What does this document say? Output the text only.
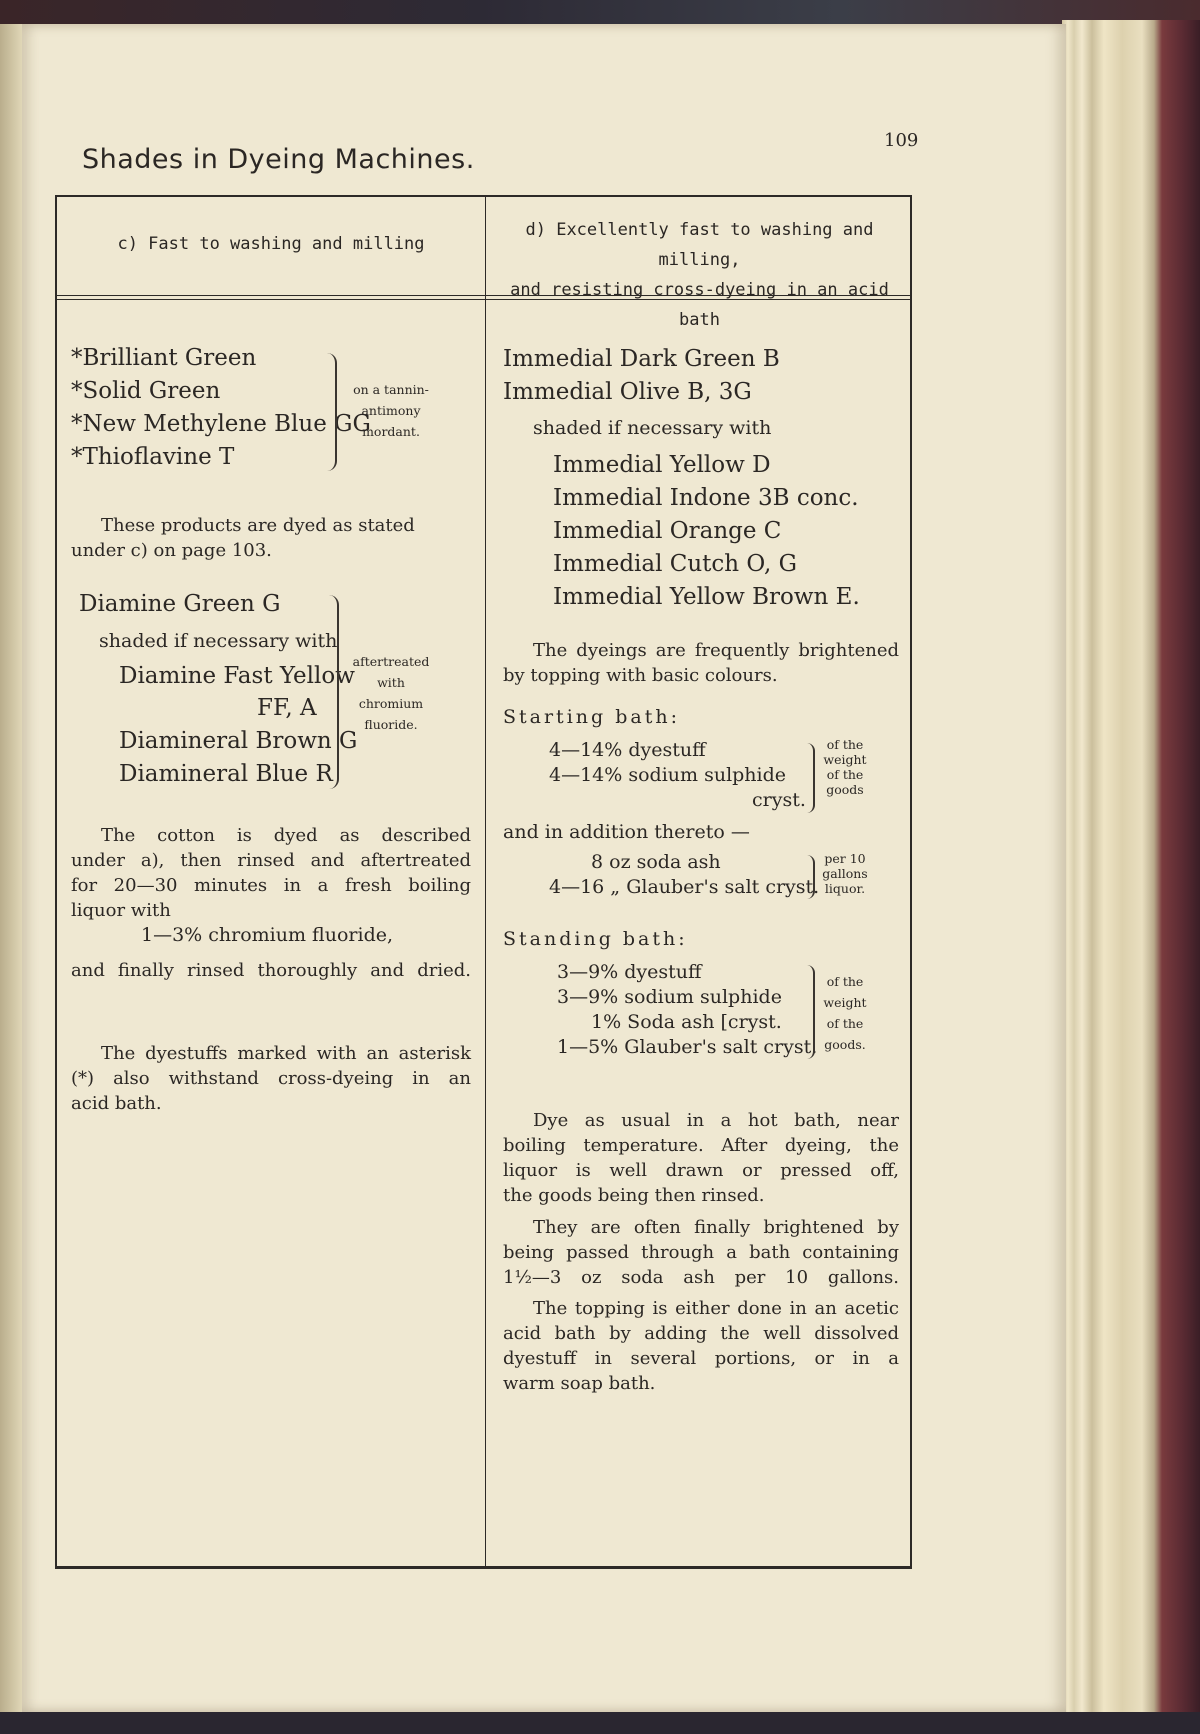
Shades in Dyeing Machines.
109
c) Fast to washing and milling
d) Excellently fast to washing and milling,
and resisting cross-dyeing in an acid bath
*Brilliant Green
*Solid Green
*New Methylene Blue GG
*Thioflavine T
on a tannin-
antimony
mordant.
These products are dyed as stated
under c) on page 103.
Diamine Green G
shaded if necessary with
Diamine Fast Yellow
FF, A
Diamineral Brown G
Diamineral Blue R
aftertreated
with
chromium
fluoride.
The cotton is dyed as described
under a), then rinsed and aftertreated
for 20—30 minutes in a fresh boiling
liquor with
1—3% chromium fluoride,
and finally rinsed thoroughly and dried.
The dyestuffs marked with an asterisk
(*) also withstand cross-dyeing in an
acid bath.
Immedial Dark Green B
Immedial Olive B, 3G
shaded if necessary with
Immedial Yellow D
Immedial Indone 3B conc.
Immedial Orange C
Immedial Cutch O, G
Immedial Yellow Brown E.
The dyeings are frequently brightened
by topping with basic colours.
Starting bath:
4—14% dyestuff
4—14% sodium sulphide
cryst.
of the
weight
of the
goods
and in addition thereto —
8 oz soda ash
4—16 „ Glauber's salt cryst.
per 10
gallons
liquor.
Standing bath:
3—9% dyestuff
3—9% sodium sulphide
1% Soda ash [cryst.
1—5% Glauber's salt cryst.
of the
weight
of the
goods.
Dye as usual in a hot bath, near
boiling temperature. After dyeing, the
liquor is well drawn or pressed off,
the goods being then rinsed.
They are often finally brightened by
being passed through a bath containing
1½—3 oz soda ash per 10 gallons.
The topping is either done in an acetic
acid bath by adding the well dissolved
dyestuff in several portions, or in a
warm soap bath.
